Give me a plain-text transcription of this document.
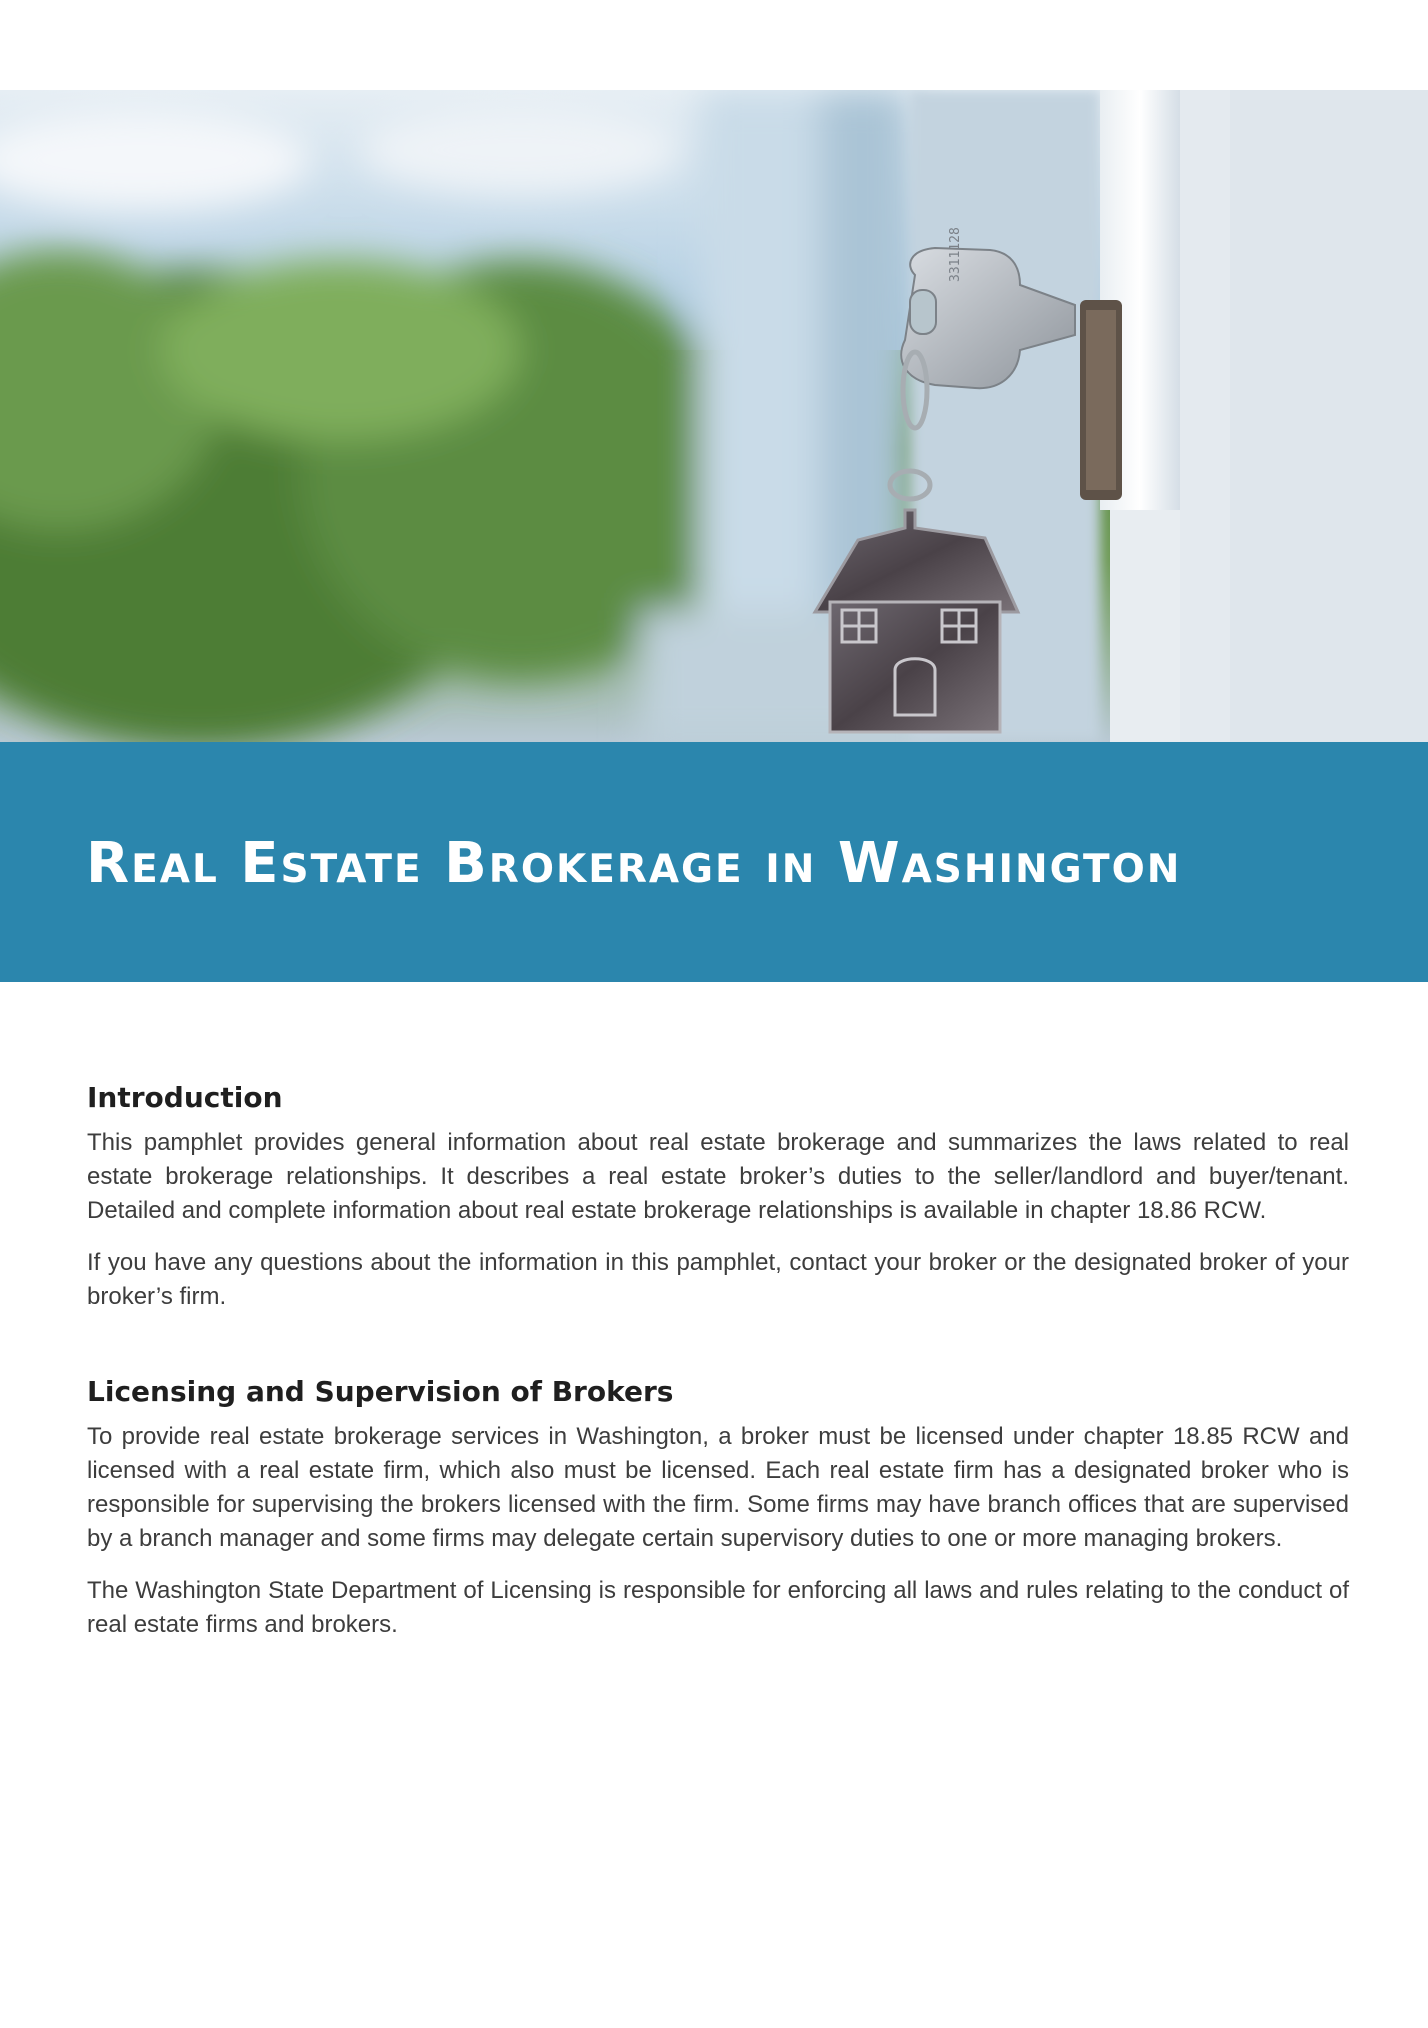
3311128
Real Estate Brokerage in Washington
Introduction

This pamphlet provides general information about real estate brokerage and summarizes the laws related to real estate brokerage relationships. It describes a real estate broker’s duties to the seller/landlord and buyer/tenant. Detailed and complete information about real estate brokerage relationships is available in chapter 18.86 RCW.

If you have any questions about the information in this pamphlet, contact your broker or the designated broker of your broker’s firm.

Licensing and Supervision of Brokers

To provide real estate brokerage services in Washington, a broker must be licensed under chapter 18.85 RCW and licensed with a real estate firm, which also must be licensed. Each real estate firm has a designated broker who is responsible for supervising the brokers licensed with the firm. Some firms may have branch offices that are supervised by a branch manager and some firms may delegate certain supervisory duties to one or more managing brokers.

The Washington State Department of Licensing is responsible for enforcing all laws and rules relating to the conduct of real estate firms and brokers.
